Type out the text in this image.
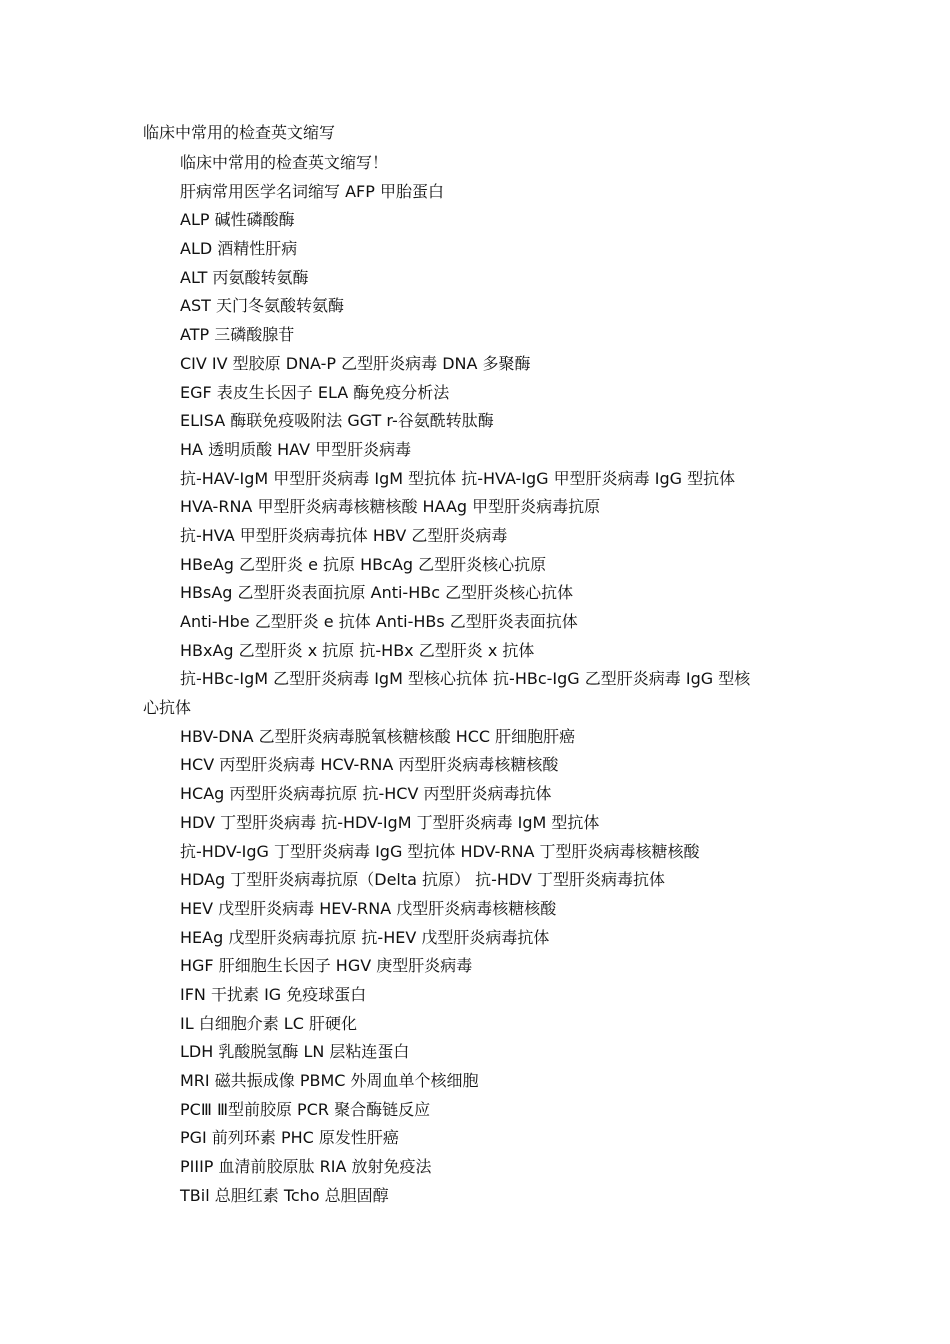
临床中常用的检查英文缩写
临床中常用的检查英文缩写！
肝病常用医学名词缩写 AFP 甲胎蛋白
ALP 碱性磷酸酶
ALD 酒精性肝病
ALT 丙氨酸转氨酶
AST 天门冬氨酸转氨酶
ATP 三磷酸腺苷
CIV IV 型胶原 DNA-P 乙型肝炎病毒 DNA 多聚酶
EGF 表皮生长因子 ELA 酶免疫分析法
ELISA 酶联免疫吸附法 GGT r-谷氨酰转肽酶
HA 透明质酸 HAV 甲型肝炎病毒
抗-HAV-IgM 甲型肝炎病毒 IgM 型抗体 抗-HVA-IgG 甲型肝炎病毒 IgG 型抗体
HVA-RNA 甲型肝炎病毒核糖核酸 HAAg 甲型肝炎病毒抗原
抗-HVA 甲型肝炎病毒抗体 HBV 乙型肝炎病毒
HBeAg 乙型肝炎 e 抗原 HBcAg 乙型肝炎核心抗原
HBsAg 乙型肝炎表面抗原 Anti-HBc 乙型肝炎核心抗体
Anti-Hbe 乙型肝炎 e 抗体 Anti-HBs 乙型肝炎表面抗体
HBxAg 乙型肝炎 x 抗原 抗-HBx 乙型肝炎 x 抗体
抗-HBc-IgM 乙型肝炎病毒 IgM 型核心抗体 抗-HBc-IgG 乙型肝炎病毒 IgG 型核
心抗体
HBV-DNA 乙型肝炎病毒脱氧核糖核酸 HCC 肝细胞肝癌
HCV 丙型肝炎病毒 HCV-RNA 丙型肝炎病毒核糖核酸
HCAg 丙型肝炎病毒抗原 抗-HCV 丙型肝炎病毒抗体
HDV 丁型肝炎病毒 抗-HDV-IgM 丁型肝炎病毒 IgM 型抗体
抗-HDV-IgG 丁型肝炎病毒 IgG 型抗体 HDV-RNA 丁型肝炎病毒核糖核酸
HDAg 丁型肝炎病毒抗原（Delta 抗原） 抗-HDV 丁型肝炎病毒抗体
HEV 戊型肝炎病毒 HEV-RNA 戊型肝炎病毒核糖核酸
HEAg 戊型肝炎病毒抗原 抗-HEV 戊型肝炎病毒抗体
HGF 肝细胞生长因子 HGV 庚型肝炎病毒
IFN 干扰素 IG 免疫球蛋白
IL 白细胞介素 LC 肝硬化
LDH 乳酸脱氢酶 LN 层粘连蛋白
MRI 磁共振成像 PBMC 外周血单个核细胞
PCⅢ Ⅲ型前胶原 PCR 聚合酶链反应
PGI 前列环素 PHC 原发性肝癌
PIIIP 血清前胶原肽 RIA 放射免疫法
TBil 总胆红素 Tcho 总胆固醇
